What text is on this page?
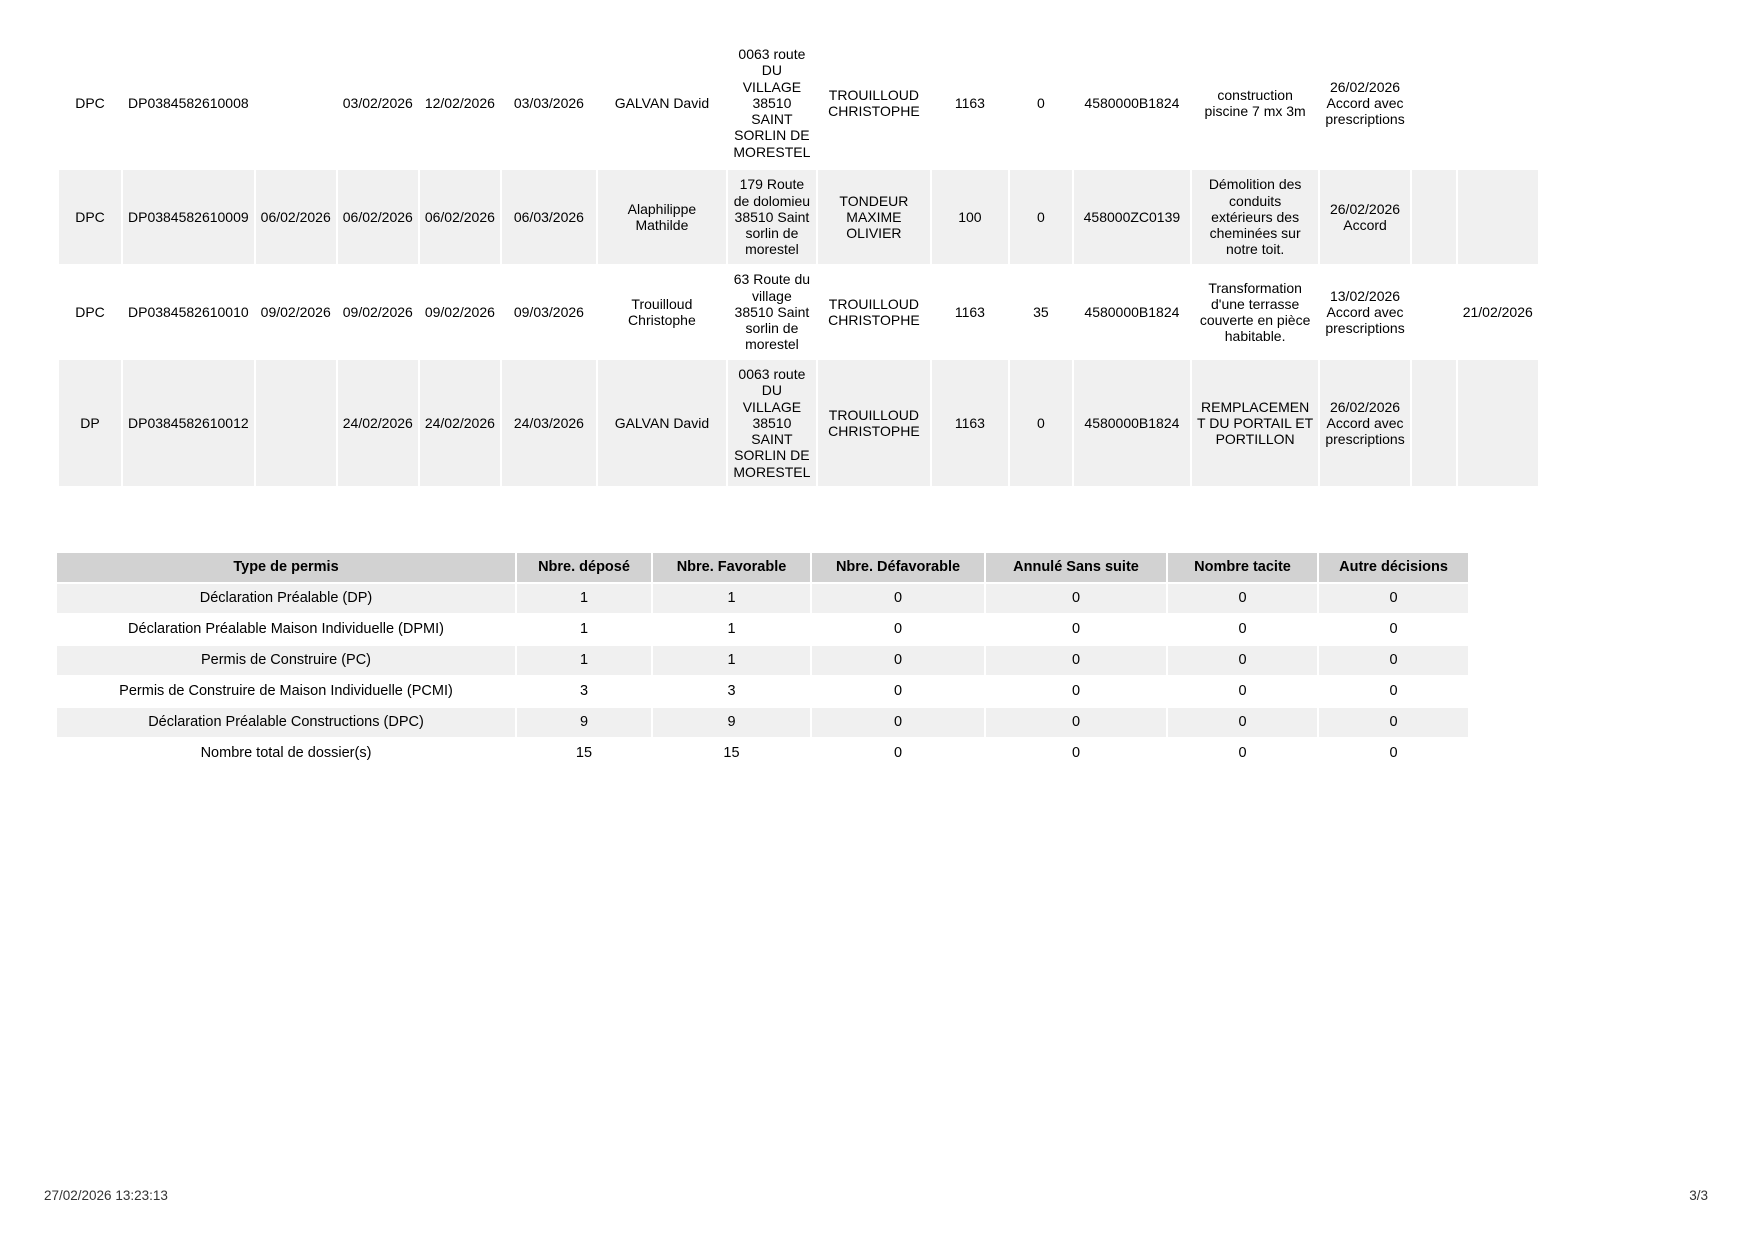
DPC	DP0384582610008		03/02/2026	12/02/2026	03/03/2026	GALVAN David	0063 route DU VILLAGE 38510 SAINT SORLIN DE MORESTEL	TROUILLOUD CHRISTOPHE	1163	0	4580000B1824	construction piscine 7 mx 3m	26/02/2026 Accord avec prescriptions		
DPC	DP0384582610009	06/02/2026	06/02/2026	06/02/2026	06/03/2026	Alaphilippe Mathilde	179 Route de dolomieu 38510 Saint sorlin de morestel	TONDEUR MAXIME OLIVIER	100	0	458000ZC0139	Démolition des conduits extérieurs des cheminées sur notre toit.	26/02/2026 Accord		
DPC	DP0384582610010	09/02/2026	09/02/2026	09/02/2026	09/03/2026	Trouilloud Christophe	63 Route du village 38510 Saint sorlin de morestel	TROUILLOUD CHRISTOPHE	1163	35	4580000B1824	Transformation d'une terrasse couverte en pièce habitable.	13/02/2026 Accord avec prescriptions		21/02/2026
DP	DP0384582610012		24/02/2026	24/02/2026	24/03/2026	GALVAN David	0063 route DU VILLAGE 38510 SAINT SORLIN DE MORESTEL	TROUILLOUD CHRISTOPHE	1163	0	4580000B1824	REMPLACEMENT DU PORTAIL ET PORTILLON	26/02/2026 Accord avec prescriptions		
Type de permis	Nbre. déposé	Nbre. Favorable	Nbre. Défavorable	Annulé Sans suite	Nombre tacite	Autre décisions
Déclaration Préalable (DP)	1	1	0	0	0	0
Déclaration Préalable Maison Individuelle (DPMI)	1	1	0	0	0	0
Permis de Construire (PC)	1	1	0	0	0	0
Permis de Construire de Maison Individuelle (PCMI)	3	3	0	0	0	0
Déclaration Préalable Constructions (DPC)	9	9	0	0	0	0
Nombre total de dossier(s)	15	15	0	0	0	0
27/02/2026 13:23:13	3/3
